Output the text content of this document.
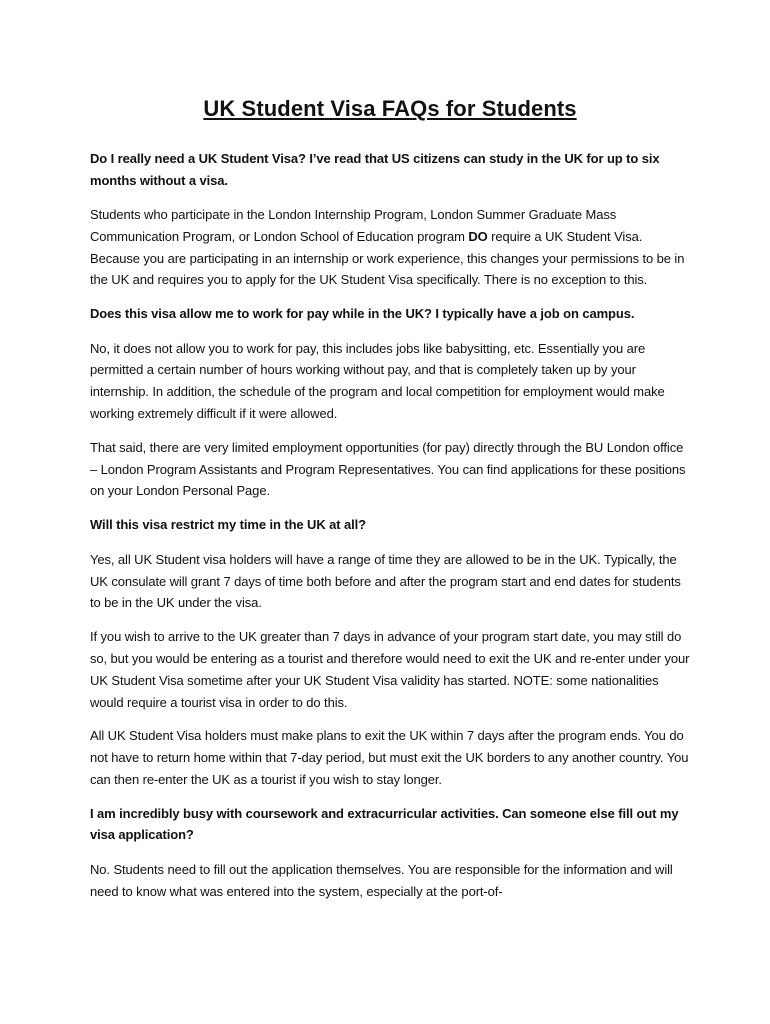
UK Student Visa FAQs for Students

Do I really need a UK Student Visa? I’ve read that US citizens can study in the UK for up to six months without a visa.

Students who participate in the London Internship Program, London Summer Graduate Mass Communication Program, or London School of Education program DO require a UK Student Visa. Because you are participating in an internship or work experience, this changes your permissions to be in the UK and requires you to apply for the UK Student Visa specifically. There is no exception to this.

Does this visa allow me to work for pay while in the UK? I typically have a job on campus.

No, it does not allow you to work for pay, this includes jobs like babysitting, etc. Essentially you are permitted a certain number of hours working without pay, and that is completely taken up by your internship. In addition, the schedule of the program and local competition for employment would make working extremely difficult if it were allowed.

That said, there are very limited employment opportunities (for pay) directly through the BU London office – London Program Assistants and Program Representatives. You can find applications for these positions on your London Personal Page.

Will this visa restrict my time in the UK at all?

Yes, all UK Student visa holders will have a range of time they are allowed to be in the UK. Typically, the UK consulate will grant 7 days of time both before and after the program start and end dates for students to be in the UK under the visa.

If you wish to arrive to the UK greater than 7 days in advance of your program start date, you may still do so, but you would be entering as a tourist and therefore would need to exit the UK and re-enter under your UK Student Visa sometime after your UK Student Visa validity has started. NOTE: some nationalities would require a tourist visa in order to do this.

All UK Student Visa holders must make plans to exit the UK within 7 days after the program ends. You do not have to return home within that 7-day period, but must exit the UK borders to any another country. You can then re-enter the UK as a tourist if you wish to stay longer.

I am incredibly busy with coursework and extracurricular activities. Can someone else fill out my visa application?

No. Students need to fill out the application themselves. You are responsible for the information and will need to know what was entered into the system, especially at the port-of-
